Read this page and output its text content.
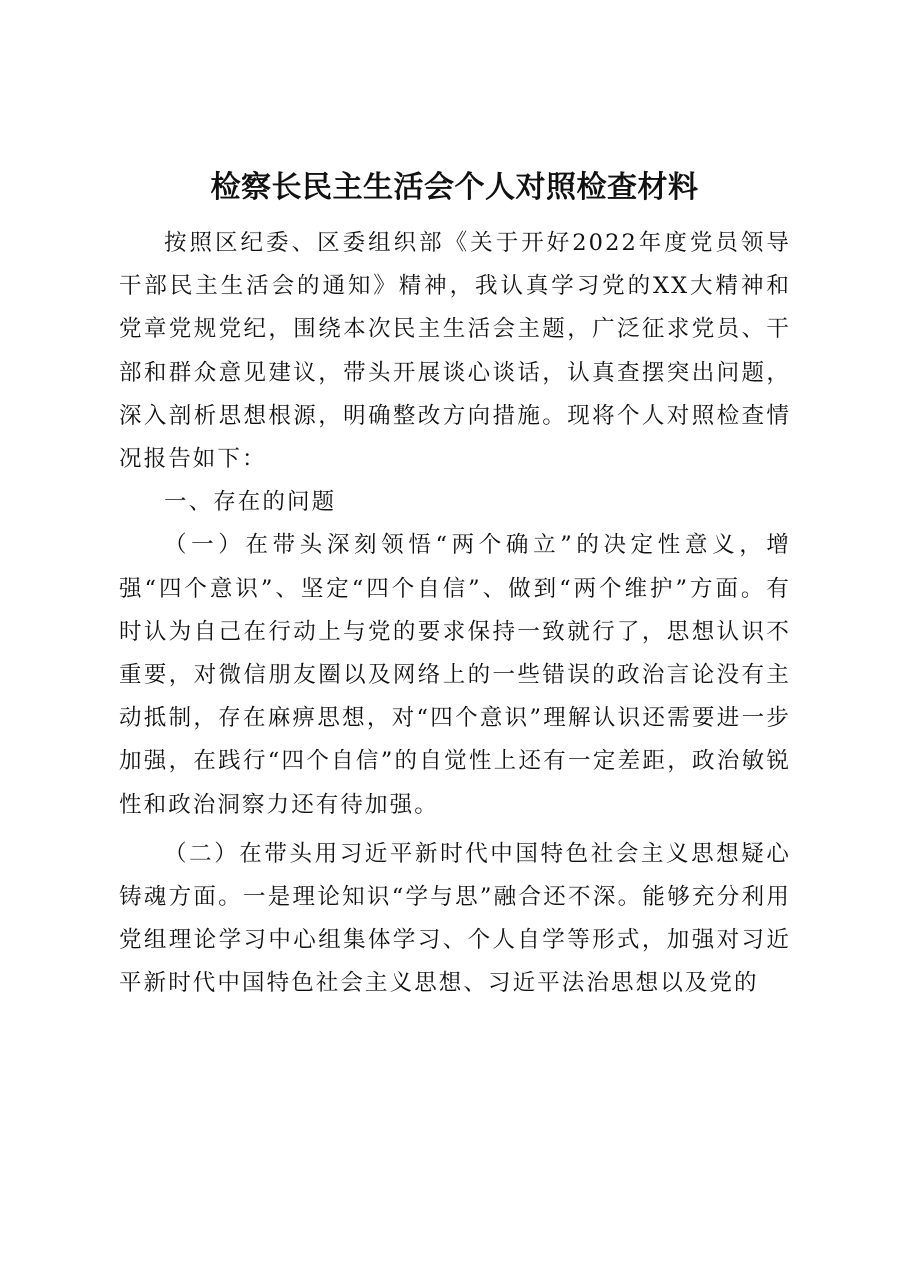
检察长民主生活会个人对照检查材料

按照区纪委、区委组织部《关于开好2022年度党员领导干部民主生活会的通知》精神，我认真学习党的XX大精神和党章党规党纪，围绕本次民主生活会主题，广泛征求党员、干部和群众意见建议，带头开展谈心谈话，认真查摆突出问题，深入剖析思想根源，明确整改方向措施。现将个人对照检查情况报告如下：

一、存在的问题

（一）在带头深刻领悟“两个确立”的决定性意义，增强“四个意识”、坚定“四个自信”、做到“两个维护”方面。有时认为自己在行动上与党的要求保持一致就行了，思想认识不重要，对微信朋友圈以及网络上的一些错误的政治言论没有主动抵制，存在麻痹思想，对“四个意识”理解认识还需要进一步加强，在践行“四个自信”的自觉性上还有一定差距，政治敏锐性和政治洞察力还有待加强。

（二）在带头用习近平新时代中国特色社会主义思想疑心铸魂方面。一是理论知识“学与思”融合还不深。能够充分利用党组理论学习中心组集体学习、个人自学等形式，加强对习近平新时代中国特色社会主义思想、习近平法治思想以及党的
